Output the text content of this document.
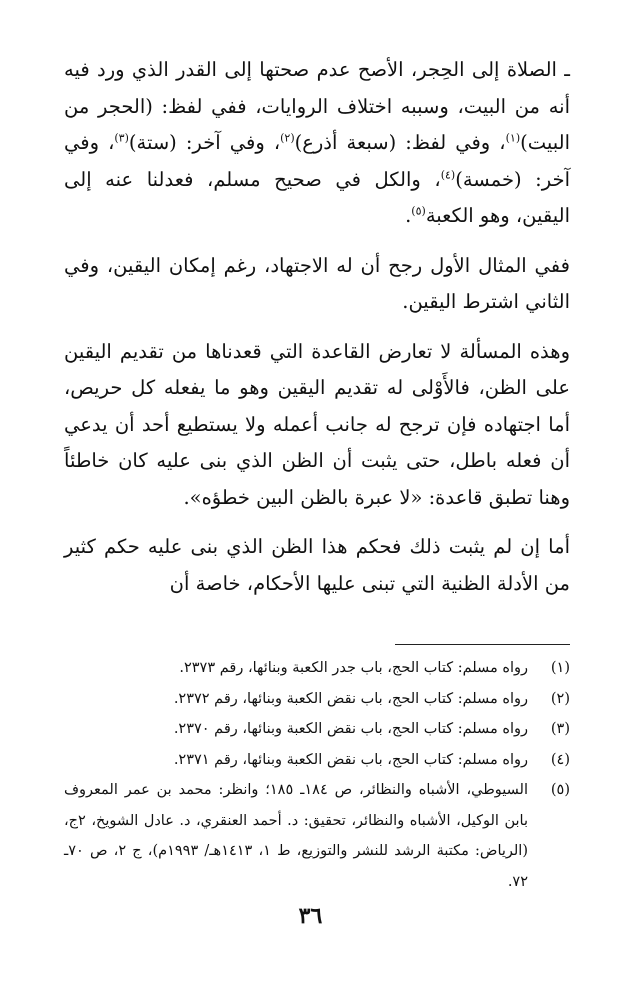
ـ الصلاة إلى الحِجر، الأصح عدم صحتها إلى القدر الذي ورد فيه أنه من البيت، وسببه اختلاف الروايات، ففي لفظ: (الحجر من البيت)$^{(١)}$، وفي لفظ: (سبعة أذرع)$^{(٢)}$، وفي آخر: (ستة)$^{(٣)}$، وفي آخر: (خمسة)$^{(٤)}$، والكل في صحيح مسلم، فعدلنا عنه إلى اليقين، وهو الكعبة$^{(٥)}$.

ففي المثال الأول رجح أن له الاجتهاد، رغم إمكان اليقين، وفي الثاني اشترط اليقين.

وهذه المسألة لا تعارض القاعدة التي قعدناها من تقديم اليقين على الظن، فالأَوْلى له تقديم اليقين وهو ما يفعله كل حريص، أما اجتهاده فإن ترجح له جانب أعمله ولا يستطيع أحد أن يدعي أن فعله باطل، حتى يثبت أن الظن الذي بنى عليه كان خاطئاً وهنا تطبق قاعدة: «لا عبرة بالظن البين خطؤه».

أما إن لم يثبت ذلك فحكم هذا الظن الذي بنى عليه حكم كثير من الأدلة الظنية التي تبنى عليها الأحكام، خاصة أن

(١)
رواه مسلم: كتاب الحج، باب جدر الكعبة وبنائها، رقم ٢٣٧٣.
(٢)
رواه مسلم: كتاب الحج، باب نقض الكعبة وبنائها، رقم ٢٣٧٢.
(٣)
رواه مسلم: كتاب الحج، باب نقض الكعبة وبنائها، رقم ٢٣٧٠.
(٤)
رواه مسلم: كتاب الحج، باب نقض الكعبة وبنائها، رقم ٢٣٧١.
(٥)
السيوطي، الأشباه والنظائر، ص ١٨٤ـ ١٨٥؛ وانظر: محمد بن عمر المعروف بابن الوكيل، الأشباه والنظائر، تحقيق: د. أحمد العنقري، د. عادل الشويخ، ٢ج، (الرياض: مكتبة الرشد للنشر والتوزيع، ط ١، ١٤١٣هـ/ ١٩٩٣م)، ج ٢، ص ٧٠ـ ٧٢.
٣٦
